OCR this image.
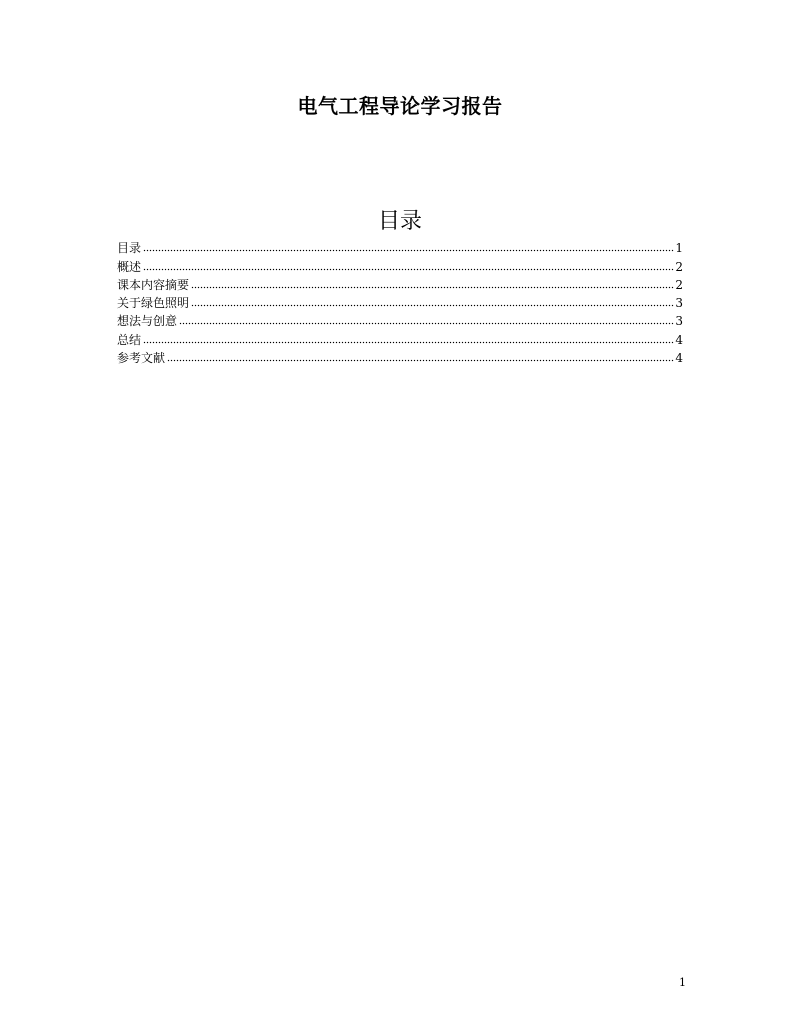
电气工程导论学习报告
目录
目录	1
概述	2
课本内容摘要	2
关于绿色照明	3
想法与创意	3
总结	4
参考文献	4
1
